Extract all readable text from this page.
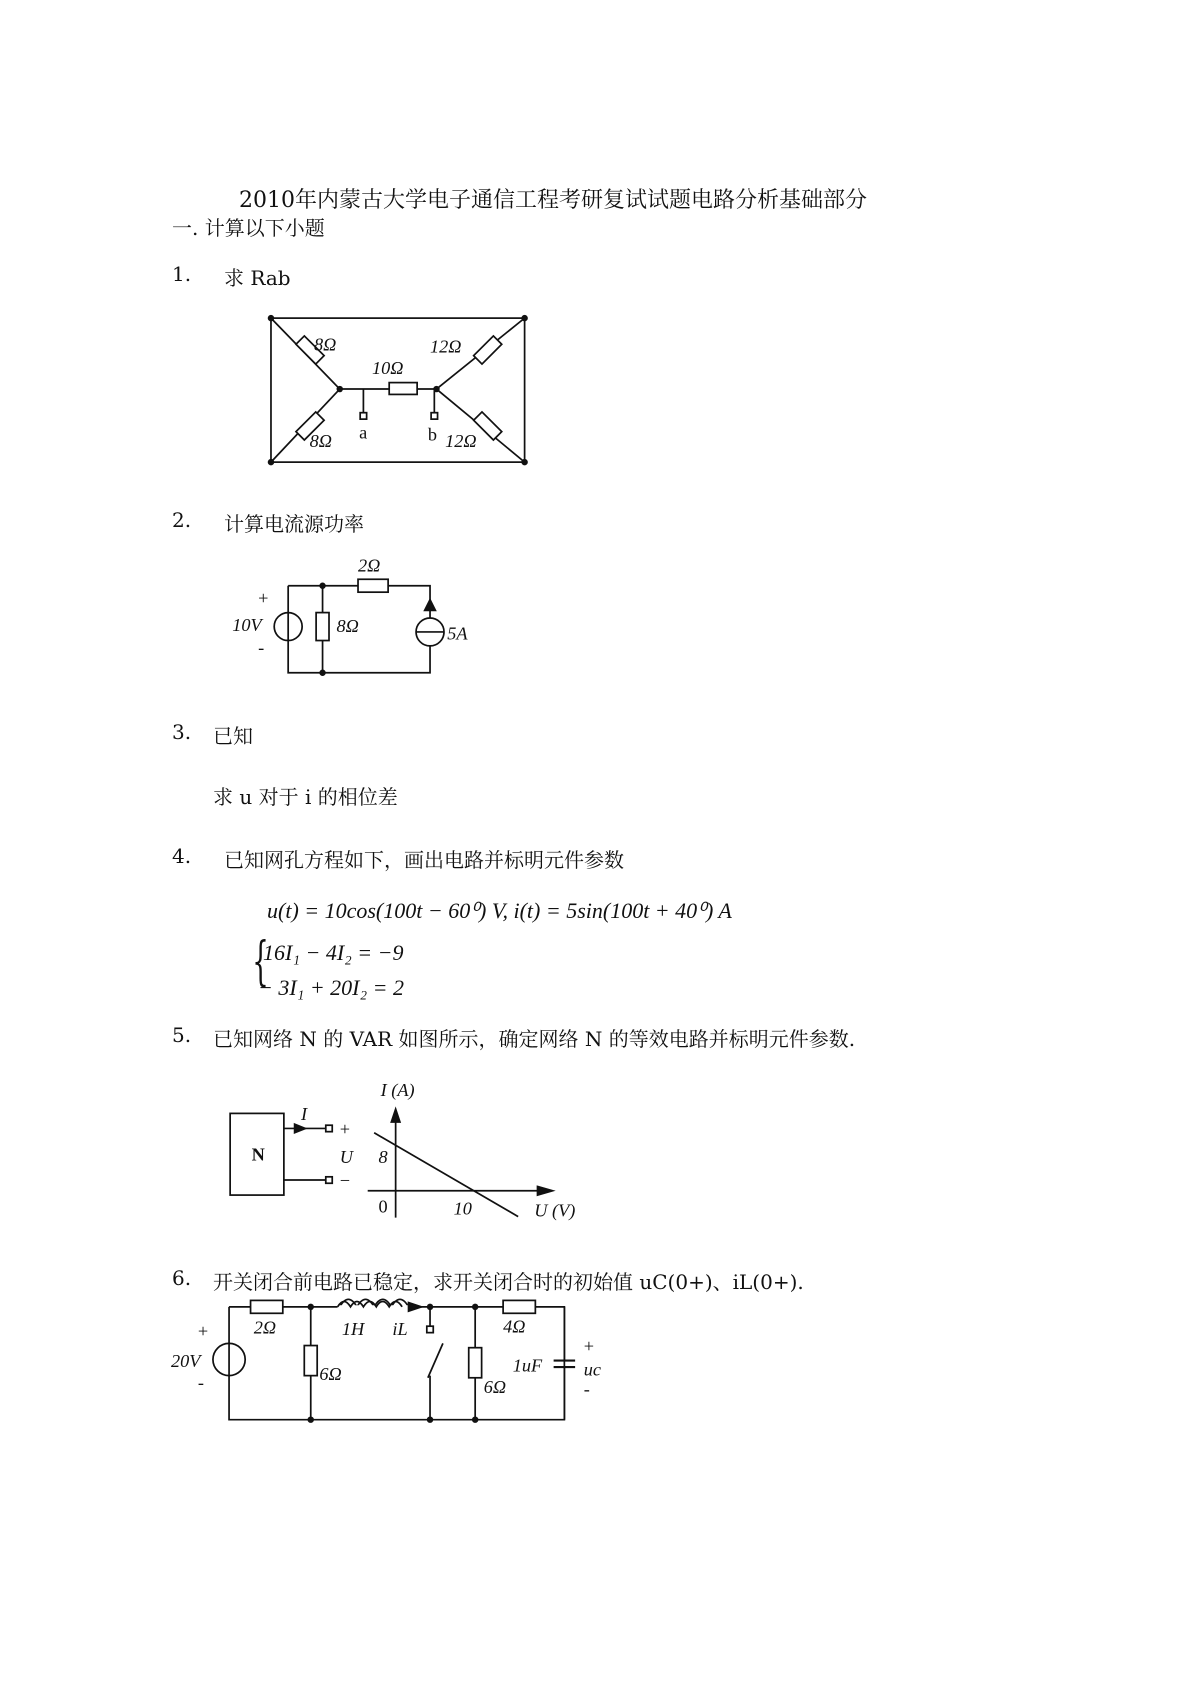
2010年内蒙古大学电子通信工程考研复试试题电路分析基础部分
一. 计算以下小题
1. 求 Rab
2. 计算电流源功率
3. 已知
求 u 对于 i 的相位差
4. 已知网孔方程如下，画出电路并标明元件参数
u(t) = 10cos(100t − 60⁰) V, i(t) = 5sin(100t + 40⁰) A
{
16I₁ − 4I₂ = −9
− 3I₁ + 20I₂ = 2
5. 已知网络 N 的 VAR 如图所示，确定网络 N 的等效电路并标明元件参数.
6. 开关闭合前电路已稳定，求开关闭合时的初始值 uC(0+)、iL(0+).
8Ω
10Ω
12Ω
8Ω	12Ω
a	b
2Ω
8Ω
10V	5A
+
-
N
I
+
U
−
I (A)
U (V)
8
10
0
20V
+
-
2Ω	1H iL	4Ω
6Ω
6Ω
1uF
+
uc
-
